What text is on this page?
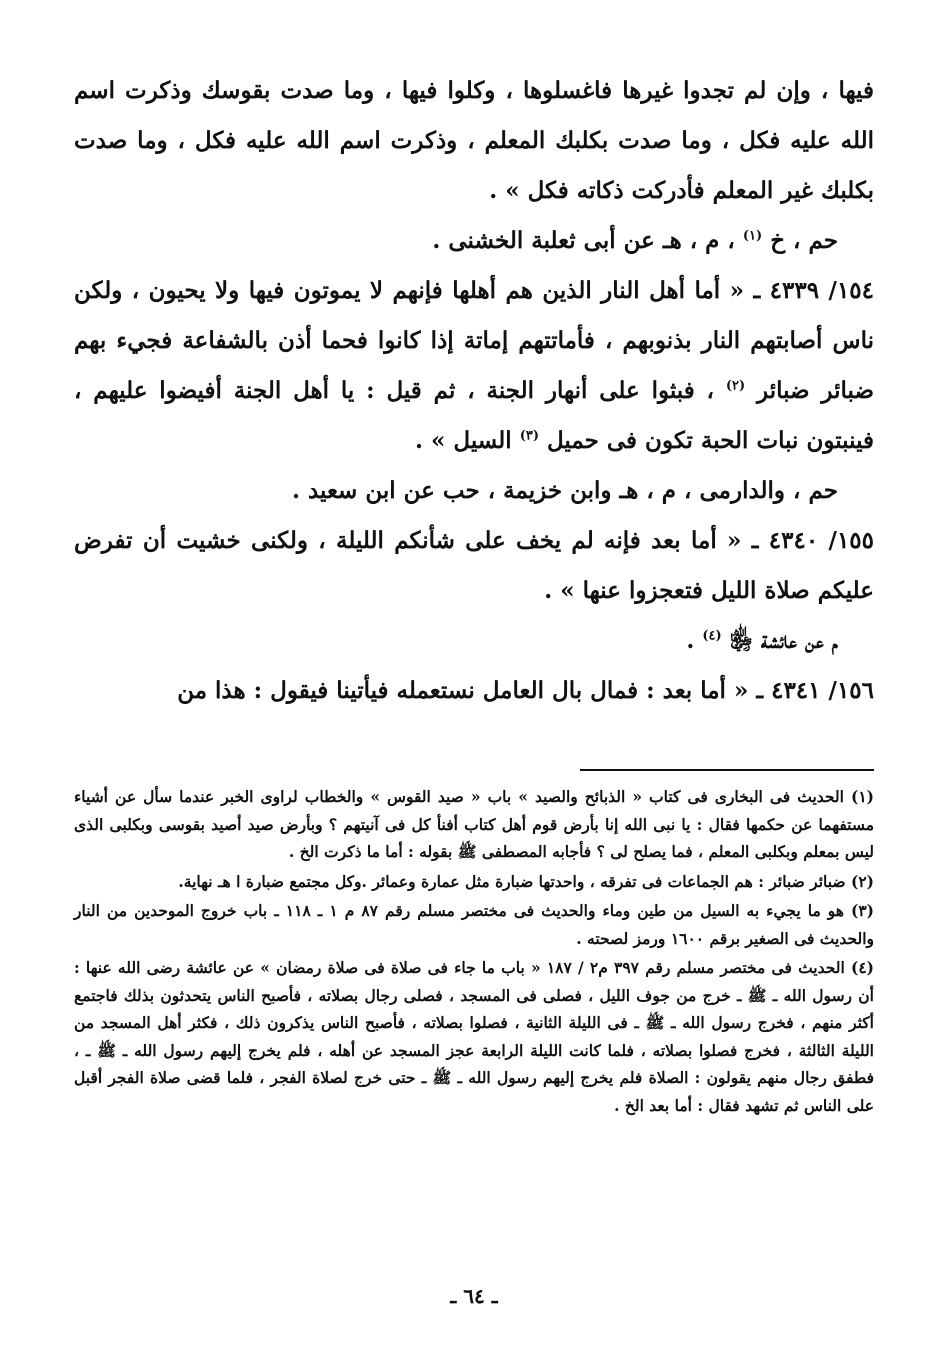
فيها ، وإن لم تجدوا غيرها فاغسلوها ، وكلوا فيها ، وما صدت بقوسك وذكرت اسم الله عليه فكل ، وما صدت بكلبك المعلم ، وذكرت اسم الله عليه فكل ، وما صدت بكلبك غير المعلم فأدركت ذكاته فكل » .

حم ، خ $^{(١)}$ ، م ، هـ عن أبى ثعلبة الخشنى .

١٥٤/ ٤٣٣٩ ـ « أما أهل النار الذين هم أهلها فإنهم لا يموتون فيها ولا يحيون ، ولكن ناس أصابتهم النار بذنوبهم ، فأماتتهم إماتة إذا كانوا فحما أذن بالشفاعة فجيء بهم ضبائر ضبائر $^{(٢)}$ ، فبثوا على أنهار الجنة ، ثم قيل : يا أهل الجنة أفيضوا عليهم ، فينبتون نبات الحبة تكون فى حميل $^{(٣)}$ السيل » .

حم ، والدارمى ، م ، هـ وابن خزيمة ، حب عن ابن سعيد .

١٥٥/ ٤٣٤٠ ـ « أما بعد فإنه لم يخف على شأنكم الليلة ، ولكنى خشيت أن تفرض عليكم صلاة الليل فتعجزوا عنها » .

م عن عائشة ﵂ $^{(٤)}$ .

١٥٦/ ٤٣٤١ ـ « أما بعد : فمال بال العامل نستعمله فيأتينا فيقول : هذا من

(١) الحديث فى البخارى فى كتاب « الذبائح والصيد » باب « صيد القوس » والخطاب لراوى الخبر عندما سأل عن أشياء مستفهما عن حكمها فقال : يا نبى الله إنا بأرض قوم أهل كتاب أفنأ كل فى آنيتهم ؟ وبأرض صيد أصيد بقوسى وبكلبى الذى ليس بمعلم وبكلبى المعلم ، فما يصلح لى ؟ فأجابه المصطفى ﷺ بقوله : أما ما ذكرت الخ .

(٢) ضبائر ضبائر : هم الجماعات فى تفرقه ، واحدتها ضبارة مثل عمارة وعمائر .وكل مجتمع ضبارة ا هـ نهاية.

(٣) هو ما يجيء به السيل من طين وماء والحديث فى مختصر مسلم رقم ٨٧ م ١ ـ ١١٨ ـ باب خروج الموحدين من النار والحديث فى الصغير برقم ١٦٠٠ ورمز لصحته .

(٤) الحديث فى مختصر مسلم رقم ٣٩٧ م٢ / ١٨٧ « باب ما جاء فى صلاة فى صلاة رمضان » عن عائشة رضى الله عنها : أن رسول الله ـ ﷺ ـ خرج من جوف الليل ، فصلى فى المسجد ، فصلى رجال بصلاته ، فأصبح الناس يتحدثون بذلك فاجتمع أكثر منهم ، فخرج رسول الله ـ ﷺ ـ فى الليلة الثانية ، فصلوا بصلاته ، فأصبح الناس يذكرون ذلك ، فكثر أهل المسجد من الليلة الثالثة ، فخرج فصلوا بصلاته ، فلما كانت الليلة الرابعة عجز المسجد عن أهله ، فلم يخرج إليهم رسول الله ـ ﷺ ـ ، فطفق رجال منهم يقولون : الصلاة فلم يخرج إليهم رسول الله ـ ﷺ ـ حتى خرج لصلاة الفجر ، فلما قضى صلاة الفجر أقبل على الناس ثم تشهد فقال : أما بعد الخ .

ـ ٦٤ ـ
